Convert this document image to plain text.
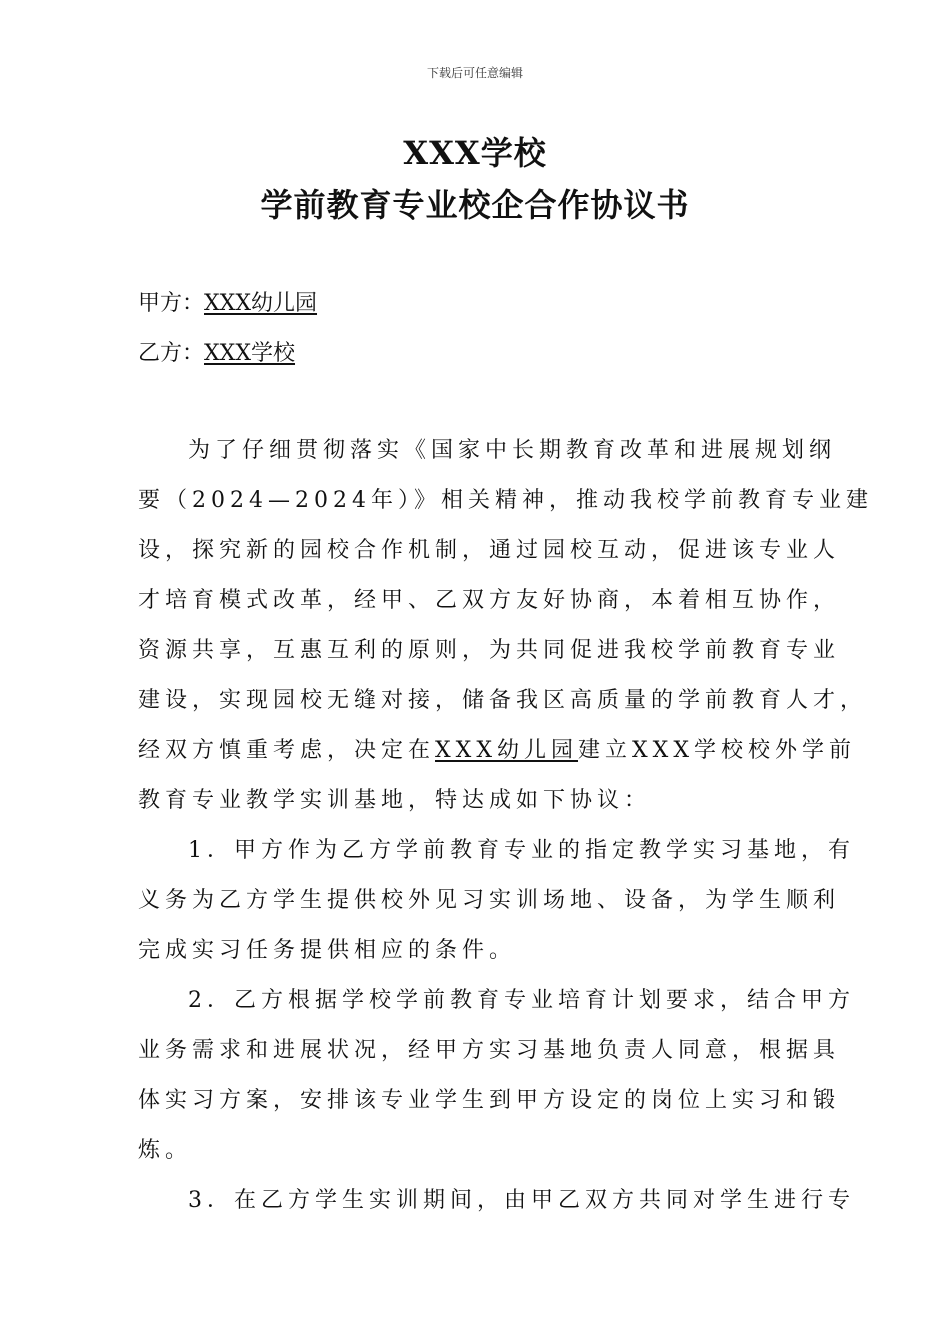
下载后可任意编辑
XXX学校
学前教育专业校企合作协议书

甲方：XXX幼儿园

乙方：XXX学校

为了仔细贯彻落实《国家中长期教育改革和进展规划纲

要（2024—2024年）》相关精神，推动我校学前教育专业建

设，探究新的园校合作机制，通过园校互动，促进该专业人

才培育模式改革，经甲、乙双方友好协商，本着相互协作，

资源共享，互惠互利的原则，为共同促进我校学前教育专业

建设，实现园校无缝对接，储备我区高质量的学前教育人才，

经双方慎重考虑，决定在XXX幼儿园建立XXX学校校外学前

教育专业教学实训基地，特达成如下协议：

1．甲方作为乙方学前教育专业的指定教学实习基地，有

义务为乙方学生提供校外见习实训场地、设备，为学生顺利

完成实习任务提供相应的条件。

2．乙方根据学校学前教育专业培育计划要求，结合甲方

业务需求和进展状况，经甲方实习基地负责人同意，根据具

体实习方案，安排该专业学生到甲方设定的岗位上实习和锻

炼。

3．在乙方学生实训期间，由甲乙双方共同对学生进行专
